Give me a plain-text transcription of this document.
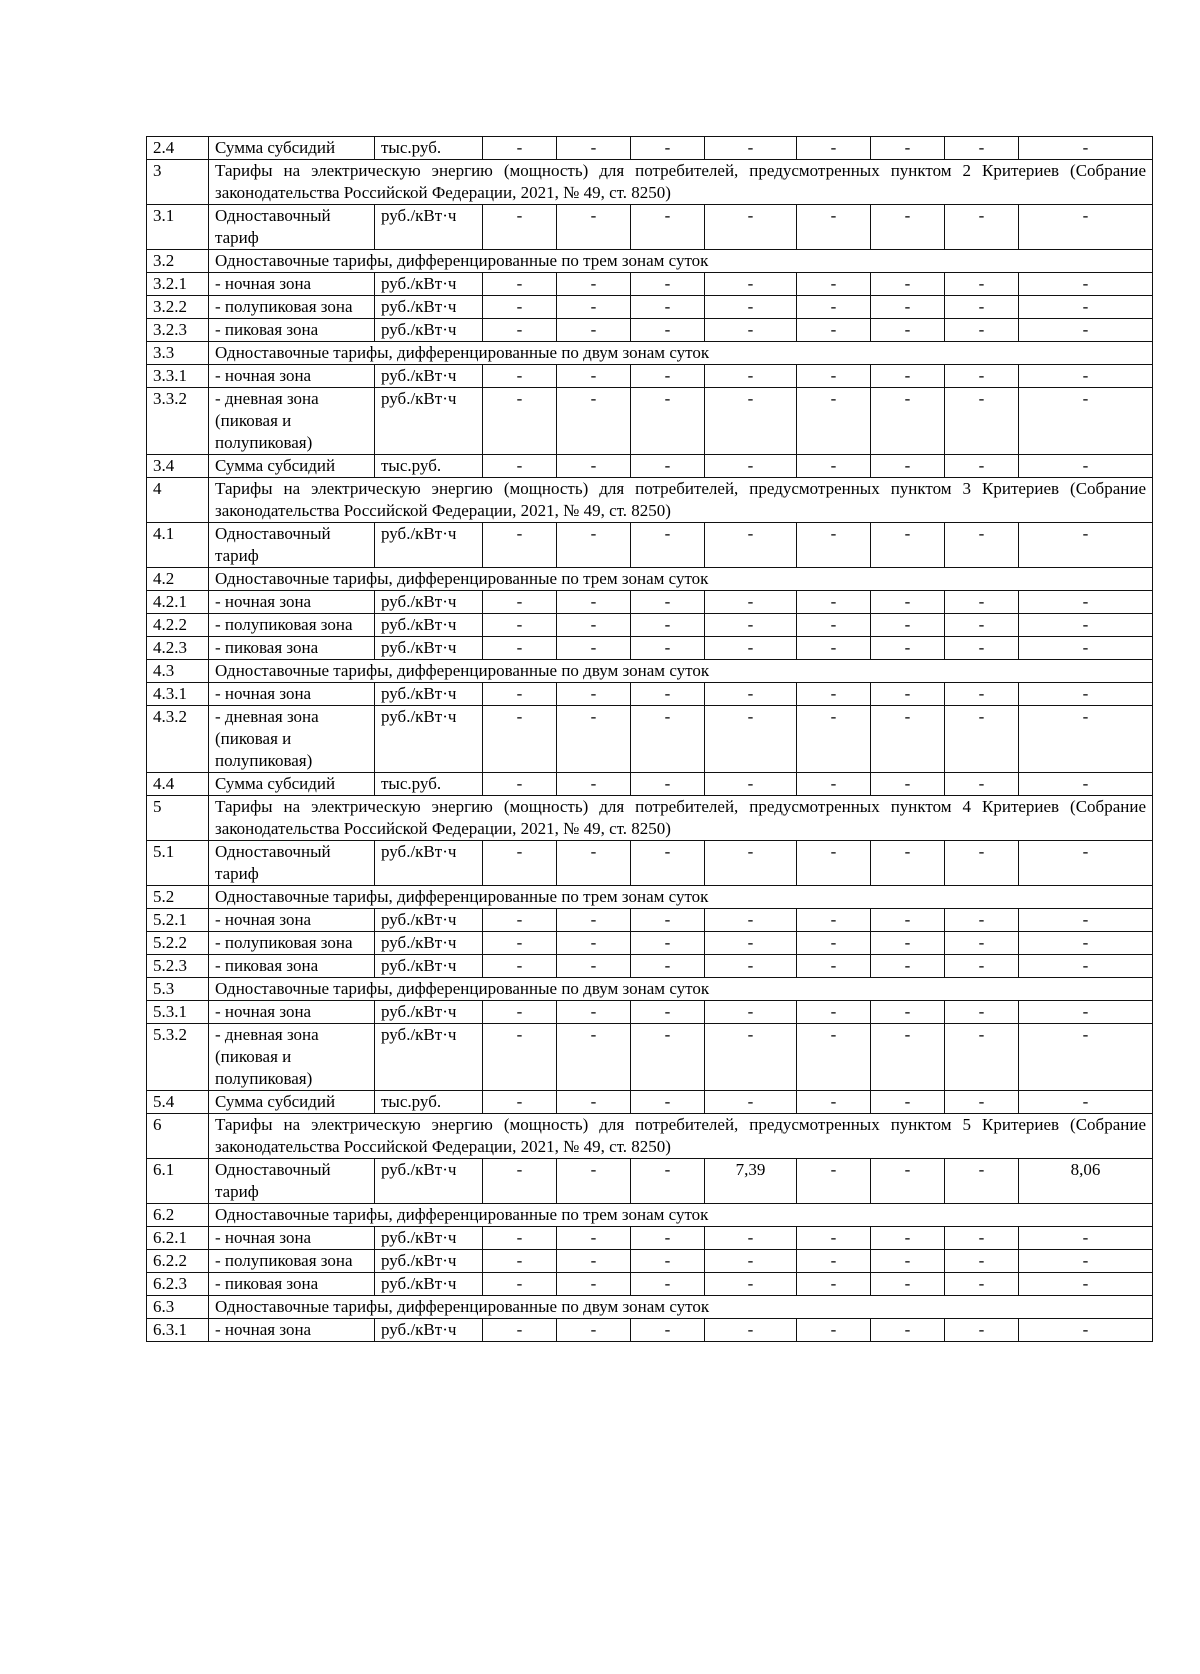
2.4	Сумма субсидий	тыс.руб.	-	-	-	-	-	-	-	-
3	Тарифы на электрическую энергию (мощность) для потребителей, предусмотренных пунктом 2 Критериев (Собрание законодательства Российской Федерации, 2021, № 49, ст. 8250)									
3.1	Одноставочный тариф	руб./кВт·ч	-	-	-	-	-	-	-	-
3.2	Одноставочные тарифы, дифференцированные по трем зонам суток									
3.2.1	- ночная зона	руб./кВт·ч	-	-	-	-	-	-	-	-
3.2.2	- полупиковая зона	руб./кВт·ч	-	-	-	-	-	-	-	-
3.2.3	- пиковая зона	руб./кВт·ч	-	-	-	-	-	-	-	-
3.3	Одноставочные тарифы, дифференцированные по двум зонам суток									
3.3.1	- ночная зона	руб./кВт·ч	-	-	-	-	-	-	-	-
3.3.2	- дневная зона (пиковая и полупиковая)	руб./кВт·ч	-	-	-	-	-	-	-	-
3.4	Сумма субсидий	тыс.руб.	-	-	-	-	-	-	-	-
4	Тарифы на электрическую энергию (мощность) для потребителей, предусмотренных пунктом 3 Критериев (Собрание законодательства Российской Федерации, 2021, № 49, ст. 8250)									
4.1	Одноставочный тариф	руб./кВт·ч	-	-	-	-	-	-	-	-
4.2	Одноставочные тарифы, дифференцированные по трем зонам суток									
4.2.1	- ночная зона	руб./кВт·ч	-	-	-	-	-	-	-	-
4.2.2	- полупиковая зона	руб./кВт·ч	-	-	-	-	-	-	-	-
4.2.3	- пиковая зона	руб./кВт·ч	-	-	-	-	-	-	-	-
4.3	Одноставочные тарифы, дифференцированные по двум зонам суток									
4.3.1	- ночная зона	руб./кВт·ч	-	-	-	-	-	-	-	-
4.3.2	- дневная зона (пиковая и полупиковая)	руб./кВт·ч	-	-	-	-	-	-	-	-
4.4	Сумма субсидий	тыс.руб.	-	-	-	-	-	-	-	-
5	Тарифы на электрическую энергию (мощность) для потребителей, предусмотренных пунктом 4 Критериев (Собрание законодательства Российской Федерации, 2021, № 49, ст. 8250)									
5.1	Одноставочный тариф	руб./кВт·ч	-	-	-	-	-	-	-	-
5.2	Одноставочные тарифы, дифференцированные по трем зонам суток									
5.2.1	- ночная зона	руб./кВт·ч	-	-	-	-	-	-	-	-
5.2.2	- полупиковая зона	руб./кВт·ч	-	-	-	-	-	-	-	-
5.2.3	- пиковая зона	руб./кВт·ч	-	-	-	-	-	-	-	-
5.3	Одноставочные тарифы, дифференцированные по двум зонам суток									
5.3.1	- ночная зона	руб./кВт·ч	-	-	-	-	-	-	-	-
5.3.2	- дневная зона (пиковая и полупиковая)	руб./кВт·ч	-	-	-	-	-	-	-	-
5.4	Сумма субсидий	тыс.руб.	-	-	-	-	-	-	-	-
6	Тарифы на электрическую энергию (мощность) для потребителей, предусмотренных пунктом 5 Критериев (Собрание законодательства Российской Федерации, 2021, № 49, ст. 8250)									
6.1	Одноставочный тариф	руб./кВт·ч	-	-	-	7,39	-	-	-	8,06
6.2	Одноставочные тарифы, дифференцированные по трем зонам суток									
6.2.1	- ночная зона	руб./кВт·ч	-	-	-	-	-	-	-	-
6.2.2	- полупиковая зона	руб./кВт·ч	-	-	-	-	-	-	-	-
6.2.3	- пиковая зона	руб./кВт·ч	-	-	-	-	-	-	-	-
6.3	Одноставочные тарифы, дифференцированные по двум зонам суток									
6.3.1	- ночная зона	руб./кВт·ч	-	-	-	-	-	-	-	-
